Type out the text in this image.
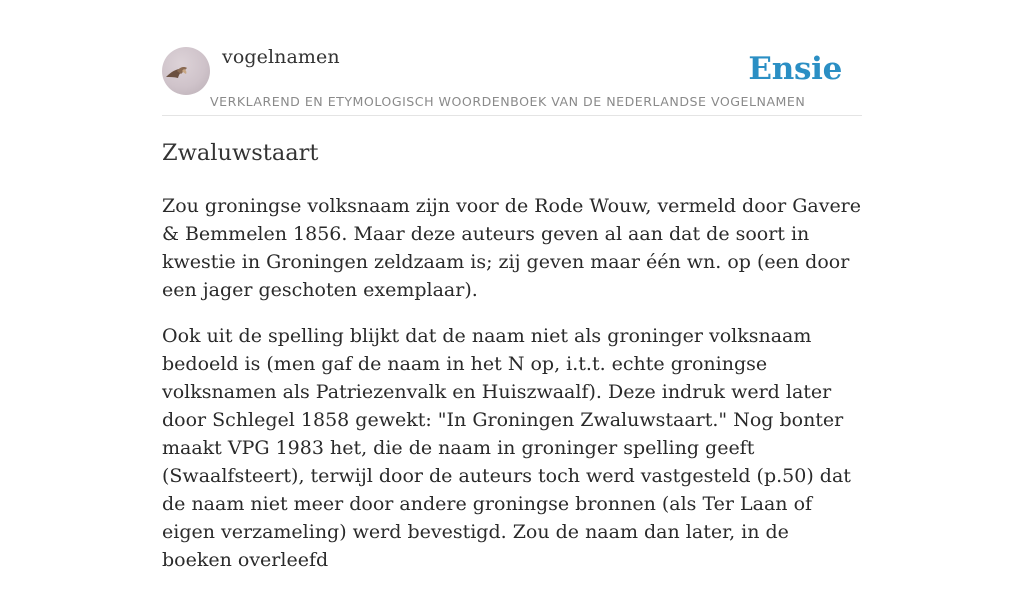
vogelnamen	Ensie
VERKLAREND EN ETYMOLOGISCH WOORDENBOEK VAN DE NEDERLANDSE VOGELNAMEN
Zwaluwstaart

Zou groningse volksnaam zijn voor de Rode Wouw, vermeld door Gavere & Bemmelen 1856. Maar deze auteurs geven al aan dat de soort in kwestie in Groningen zeldzaam is; zij geven maar één wn. op (een door een jager geschoten exemplaar).

Ook uit de spelling blijkt dat de naam niet als groninger volksnaam bedoeld is (men gaf de naam in het N op, i.t.t. echte groningse volksnamen als Patriezenvalk en Huiszwaalf). Deze indruk werd later door Schlegel 1858 gewekt: "In Groningen Zwaluwstaart." Nog bonter maakt VPG 1983 het, die de naam in groninger spelling geeft (Swaalfsteert), terwijl door de auteurs toch werd vastgesteld (p.50) dat de naam niet meer door andere groningse bronnen (als Ter Laan of eigen verzameling) werd bevestigd. Zou de naam dan later, in de boeken overleefd
